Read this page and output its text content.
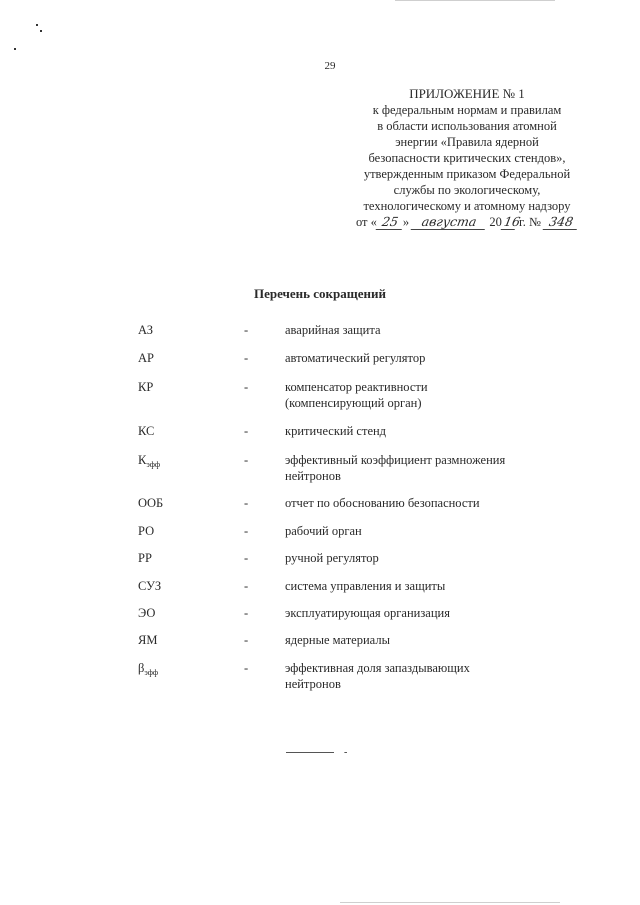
29
ПРИЛОЖЕНИЕ № 1
к федеральным нормам и правилам
в области использования атомной
энергии «Правила ядерной
безопасности критических стендов»,
утвержденным приказом Федеральной
службы по экологическому,
технологическому и атомному надзору
от « 25 » августа 2016 г. № 348
Перечень сокращений
АЗ	-	аварийная защита
АР	-	автоматический регулятор
КР	-	компенсатор реактивности
(компенсирующий орган)
КС	-	критический стенд
$К_{эфф}$	-	эффективный коэффициент размножения
нейтронов
ООБ	-	отчет по обоснованию безопасности
РО	-	рабочий орган
РР	-	ручной регулятор
СУЗ	-	система управления и защиты
ЭО	-	эксплуатирующая организация
ЯМ	-	ядерные материалы
$\beta_{эфф}$	-	эффективная доля запаздывающих
нейтронов
-
